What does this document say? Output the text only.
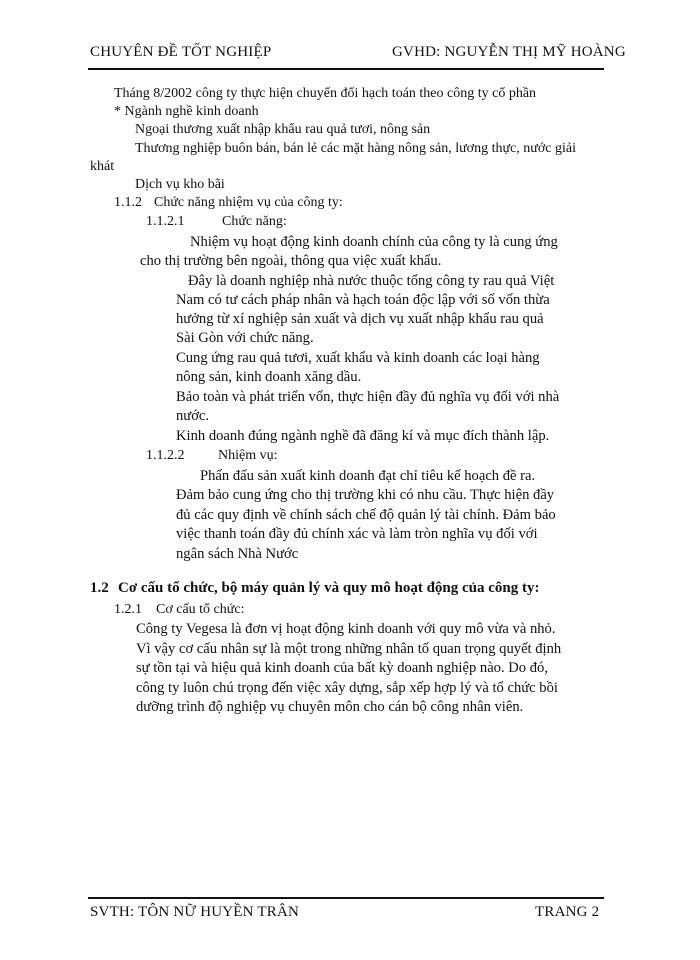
CHUYÊN ĐỀ TỐT NGHIỆP	GVHD: NGUYỄN THỊ MỸ HOÀNG
Tháng 8/2002 công ty thực hiện chuyển đổi hạch toán theo công ty cổ phần
* Ngành nghề kinh doanh
Ngoại thương xuất nhập khẩu rau quả tươi, nông sản
Thương nghiệp buôn bán, bán lẻ các mặt hàng nông sản, lương thực, nước giải
khát
Dịch vụ kho bãi
1.1.2 Chức năng nhiệm vụ của công ty:
1.1.2.1	Chức năng:
Nhiệm vụ hoạt động kinh doanh chính của công ty là cung ứng
cho thị trường bên ngoài, thông qua việc xuất khẩu.
Đây là doanh nghiệp nhà nước thuộc tổng công ty rau quả Việt
Nam có tư cách pháp nhân và hạch toán độc lập với số vốn thừa
hưởng từ xí nghiệp sản xuất và dịch vụ xuất nhập khẩu rau quả
Sài Gòn với chức năng.
Cung ứng rau quả tươi, xuất khẩu và kinh doanh các loại hàng
nông sản, kinh doanh xăng dầu.
Bảo toàn và phát triển vốn, thực hiện đầy đủ nghĩa vụ đối với nhà
nước.
Kinh doanh đúng ngành nghề đã đăng kí và mục đích thành lập.
1.1.2.2 Nhiệm vụ:
Phấn đấu sản xuất kinh doanh đạt chỉ tiêu kế hoạch đề ra.
Đảm bảo cung ứng cho thị trường khi có nhu cầu. Thực hiện đầy
đủ các quy định về chính sách chế độ quản lý tài chính. Đảm bảo
việc thanh toán đầy đủ chính xác và làm tròn nghĩa vụ đối với
ngân sách Nhà Nước
1.2 Cơ cấu tổ chức, bộ máy quản lý và quy mô hoạt động của công ty:
1.2.1 Cơ cấu tổ chức:
Công ty Vegesa là đơn vị hoạt động kinh doanh với quy mô vừa và nhỏ.
Vì vậy cơ cấu nhân sự là một trong những nhân tố quan trọng quyết định
sự tồn tại và hiệu quả kinh doanh của bất kỳ doanh nghiệp nào. Do đó,
công ty luôn chú trọng đến việc xây dựng, sắp xếp hợp lý và tổ chức bồi
dưỡng trình độ nghiệp vụ chuyên môn cho cán bộ công nhân viên.
SVTH: TÔN NỮ HUYỀN TRÂN	TRANG 2
